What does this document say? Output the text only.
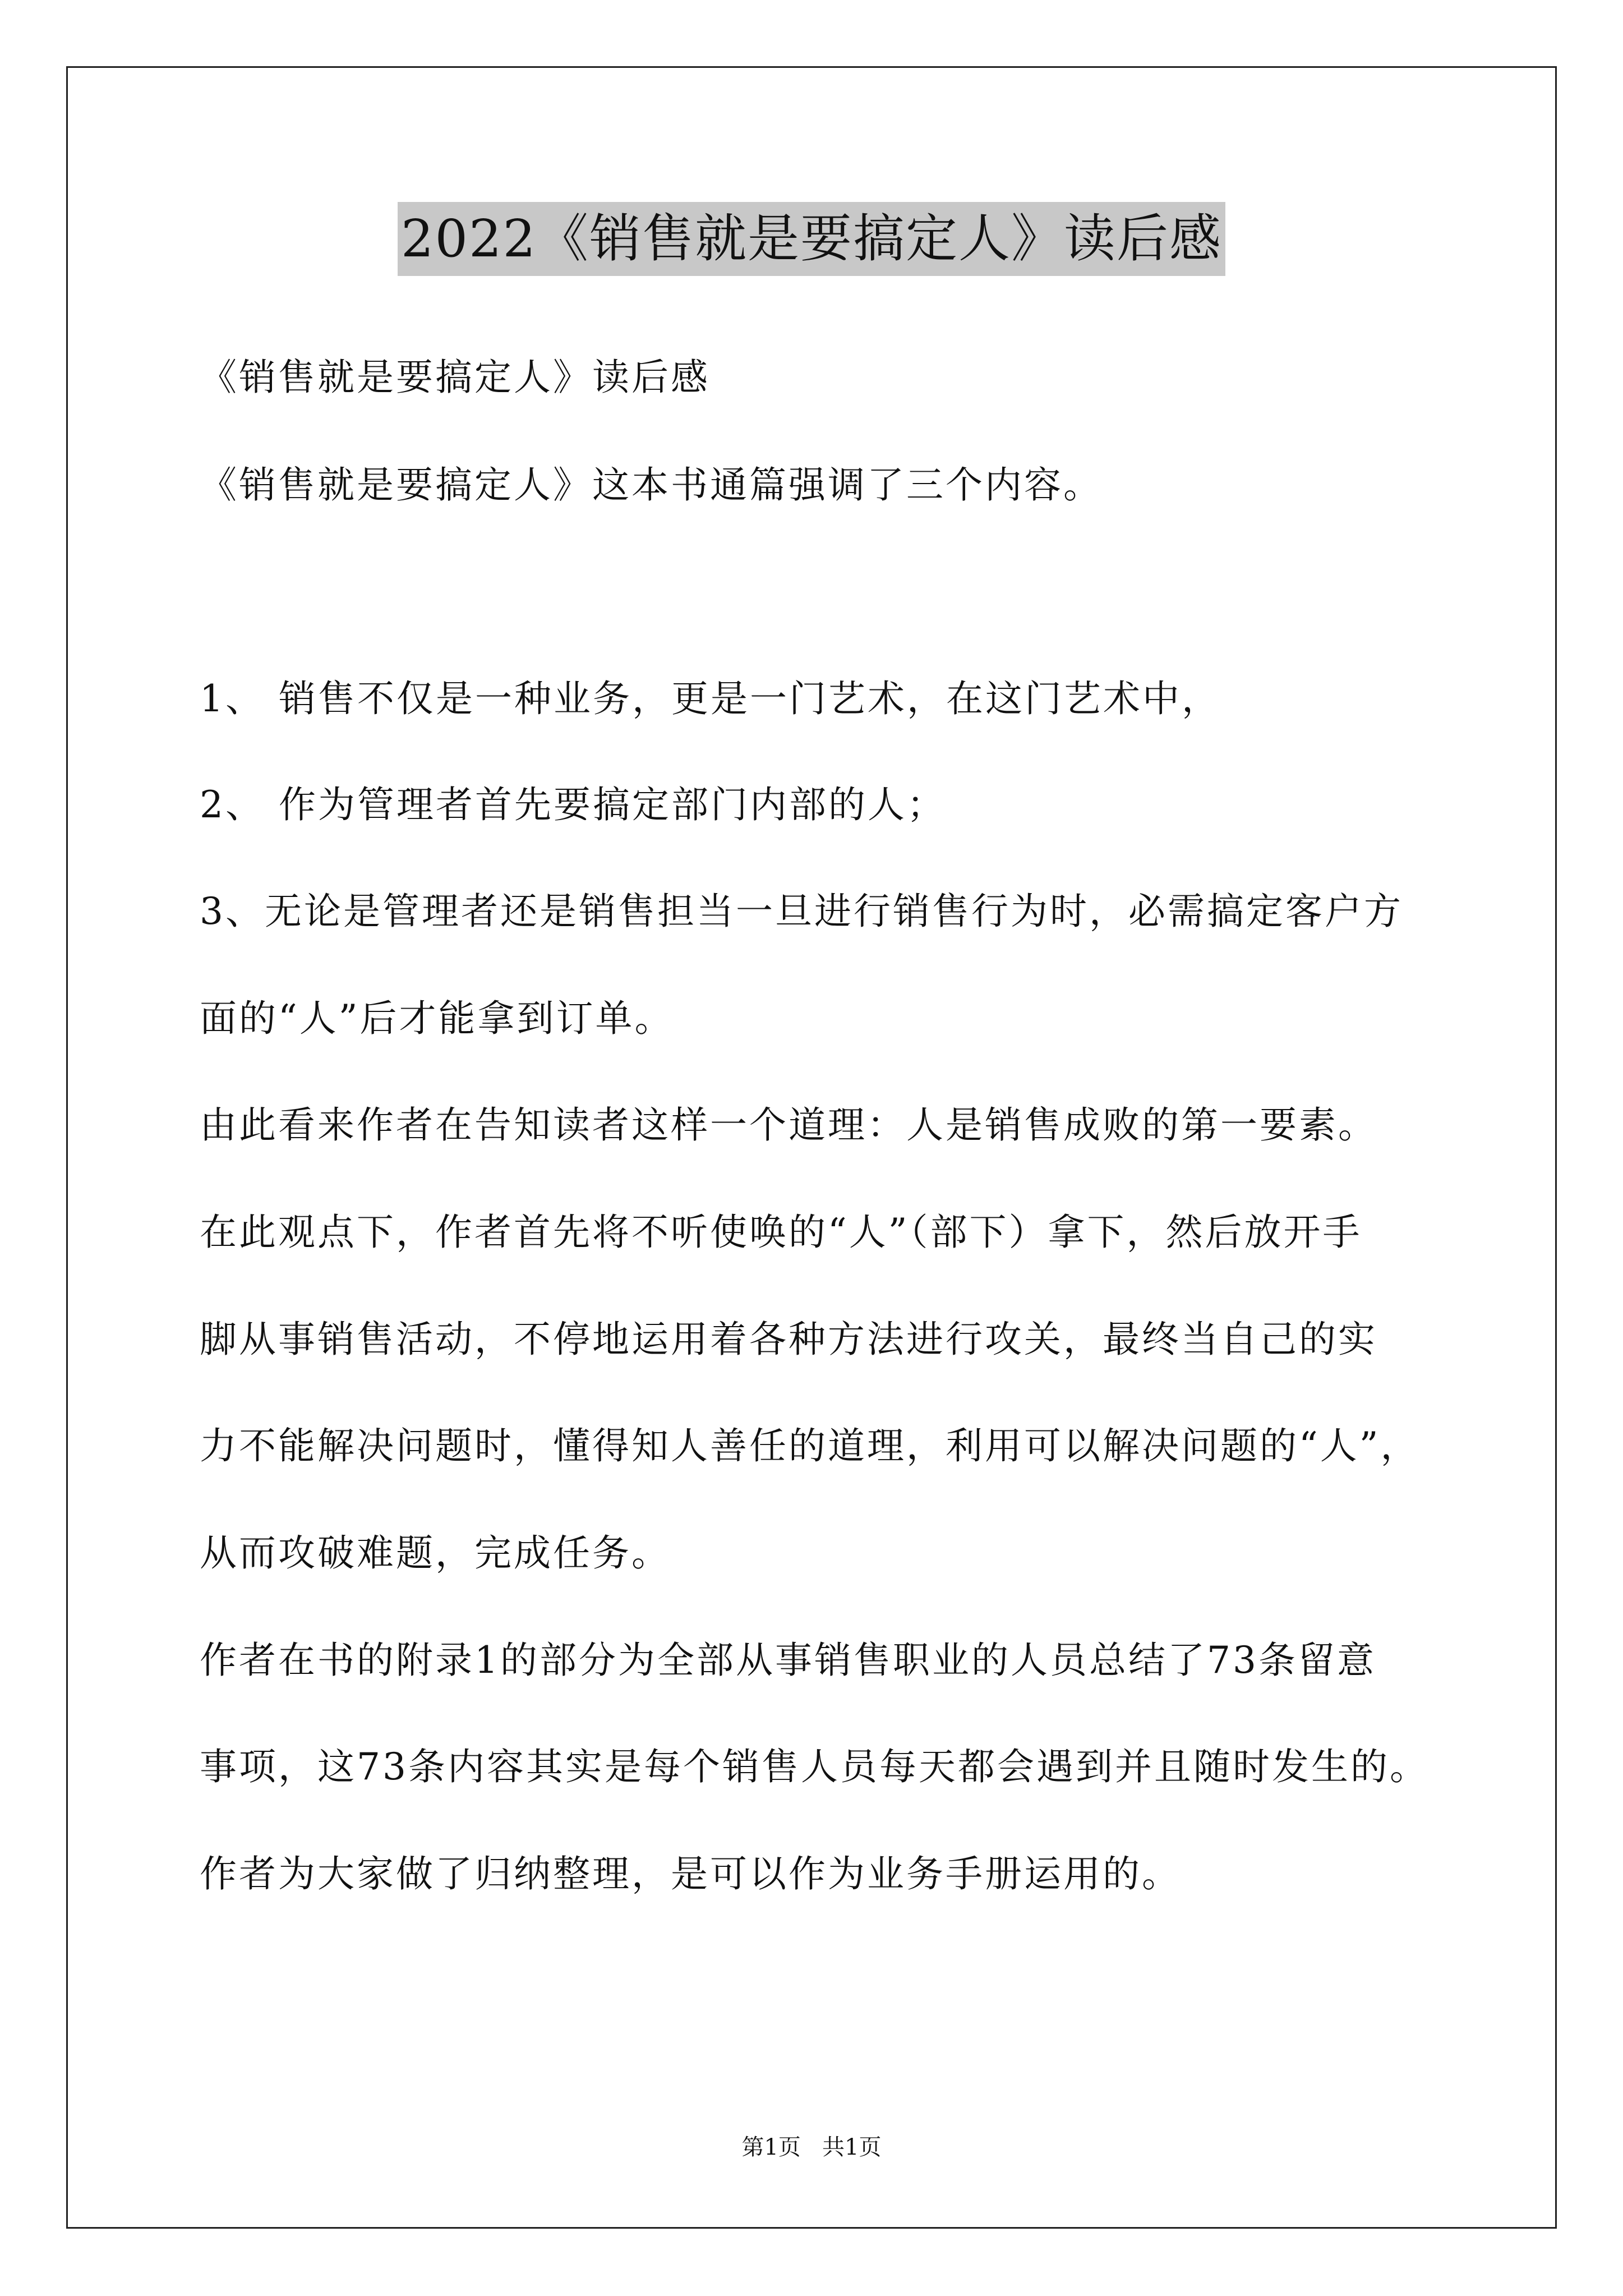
2022《销售就是要搞定人》读后感
《销售就是要搞定人》读后感
《销售就是要搞定人》这本书通篇强调了三个内容。
1、 销售不仅是一种业务，更是一门艺术，在这门艺术中，
2、 作为管理者首先要搞定部门内部的人；
3、无论是管理者还是销售担当一旦进行销售行为时，必需搞定客户方
面的“人”后才能拿到订单。
由此看来作者在告知读者这样一个道理：人是销售成败的第一要素。
在此观点下，作者首先将不听使唤的“人”（部下）拿下，然后放开手
脚从事销售活动，不停地运用着各种方法进行攻关，最终当自己的实
力不能解决问题时，懂得知人善任的道理，利用可以解决问题的“人”，
从而攻破难题，完成任务。
作者在书的附录1的部分为全部从事销售职业的人员总结了73条留意
事项，这73条内容其实是每个销售人员每天都会遇到并且随时发生的。
作者为大家做了归纳整理，是可以作为业务手册运用的。
第1页   共1页
